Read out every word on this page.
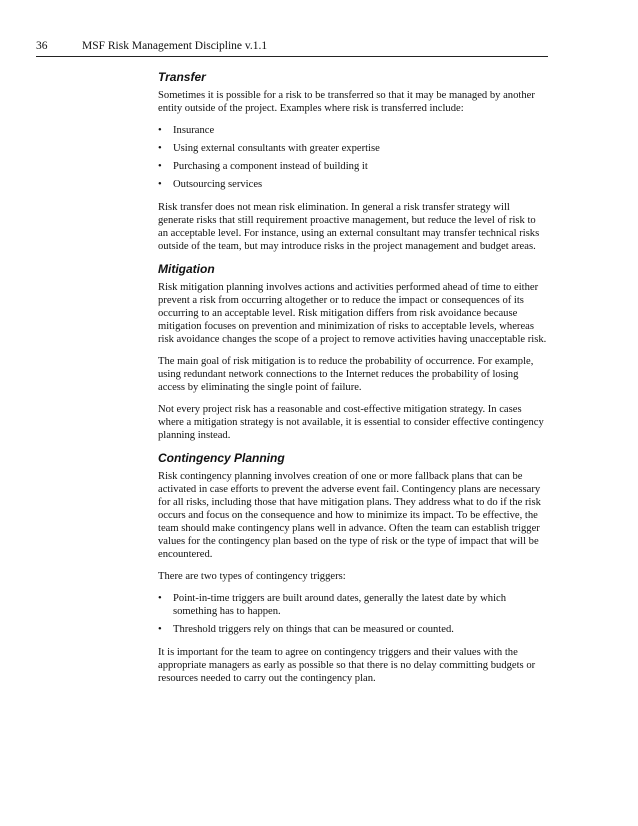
36	MSF Risk Management Discipline v.1.1
Transfer

Sometimes it is possible for a risk to be transferred so that it may be managed by another entity outside of the project. Examples where risk is transferred include:

• Insurance
• Using external consultants with greater expertise
• Purchasing a component instead of building it
• Outsourcing services

Risk transfer does not mean risk elimination. In general a risk transfer strategy will generate risks that still requirement proactive management, but reduce the level of risk to an acceptable level. For instance, using an external consultant may transfer technical risks outside of the team, but may introduce risks in the project management and budget areas.

Mitigation

Risk mitigation planning involves actions and activities performed ahead of time to either prevent a risk from occurring altogether or to reduce the impact or consequences of its occurring to an acceptable level. Risk mitigation differs from risk avoidance because mitigation focuses on prevention and minimization of risks to acceptable levels, whereas risk avoidance changes the scope of a project to remove activities having unacceptable risk.

The main goal of risk mitigation is to reduce the probability of occurrence. For example, using redundant network connections to the Internet reduces the probability of losing access by eliminating the single point of failure.

Not every project risk has a reasonable and cost-effective mitigation strategy. In cases where a mitigation strategy is not available, it is essential to consider effective contingency planning instead.

Contingency Planning

Risk contingency planning involves creation of one or more fallback plans that can be activated in case efforts to prevent the adverse event fail. Contingency plans are necessary for all risks, including those that have mitigation plans. They address what to do if the risk occurs and focus on the consequence and how to minimize its impact. To be effective, the team should make contingency plans well in advance. Often the team can establish trigger values for the contingency plan based on the type of risk or the type of impact that will be encountered.

There are two types of contingency triggers:

• Point-in-time triggers are built around dates, generally the latest date by which something has to happen.
• Threshold triggers rely on things that can be measured or counted.

It is important for the team to agree on contingency triggers and their values with the appropriate managers as early as possible so that there is no delay committing budgets or resources needed to carry out the contingency plan.
